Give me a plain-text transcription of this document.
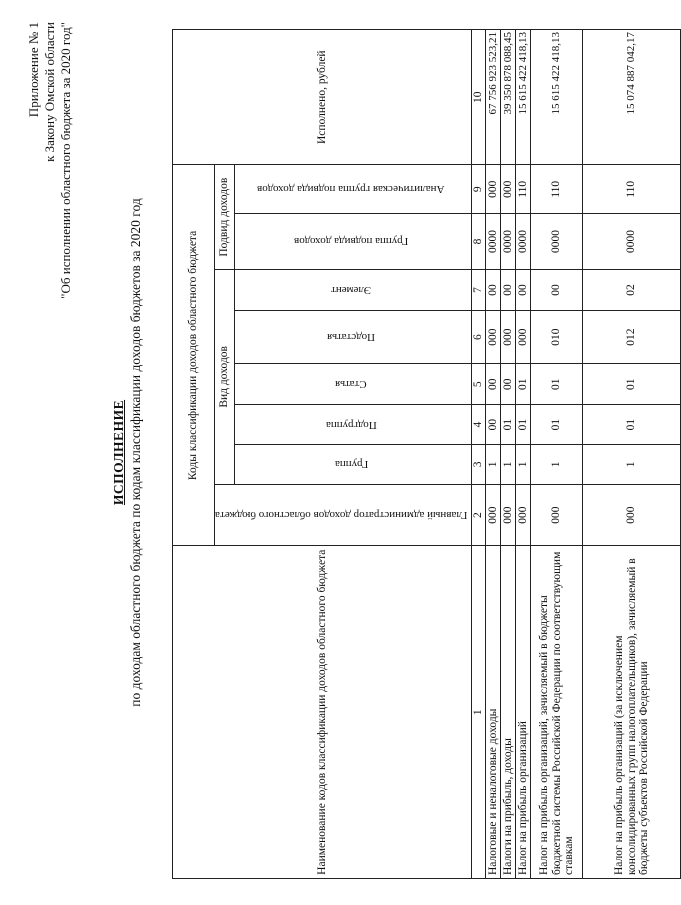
Приложение № 1 к Закону Омской области "Об исполнении областного бюджета за 2020 год"
ИСПОЛНЕНИЕ по доходам областного бюджета по кодам классификации доходов бюджетов за 2020 год
Наименование кодов классификации доходов областного бюджета	Коды классификации доходов областного бюджета								Исполнено, рублей
	Главный администратор доходов областного бюджета	Вид доходов					Подвид доходов		
		Группа	Подгруппа	Статья	Подстатья	Элемент	Группа подвида доходов	Аналитическая группа подвида доходов	

1	2	3	4	5	6	7	8	9	10
Налоговые и неналоговые доходы	000	1	00	00	000	00	0000	000	67 756 923 523,21
Налоги на прибыль, доходы	000	1	01	00	000	00	0000	000	39 350 878 088,45
Налог на прибыль организаций	000	1	01	01	000	00	0000	110	15 615 422 418,13
Налог на прибыль организаций, зачисляемый в бюджеты бюджетной системы Российской Федерации по соответствующим ставкам	000	1	01	01	010	00	0000	110	15 615 422 418,13
Налог на прибыль организаций (за исключением консолидированных групп налогоплательщиков), зачисляемый в бюджеты субъектов Российской Федерации	000	1	01	01	012	02	0000	110	15 074 887 042,17
